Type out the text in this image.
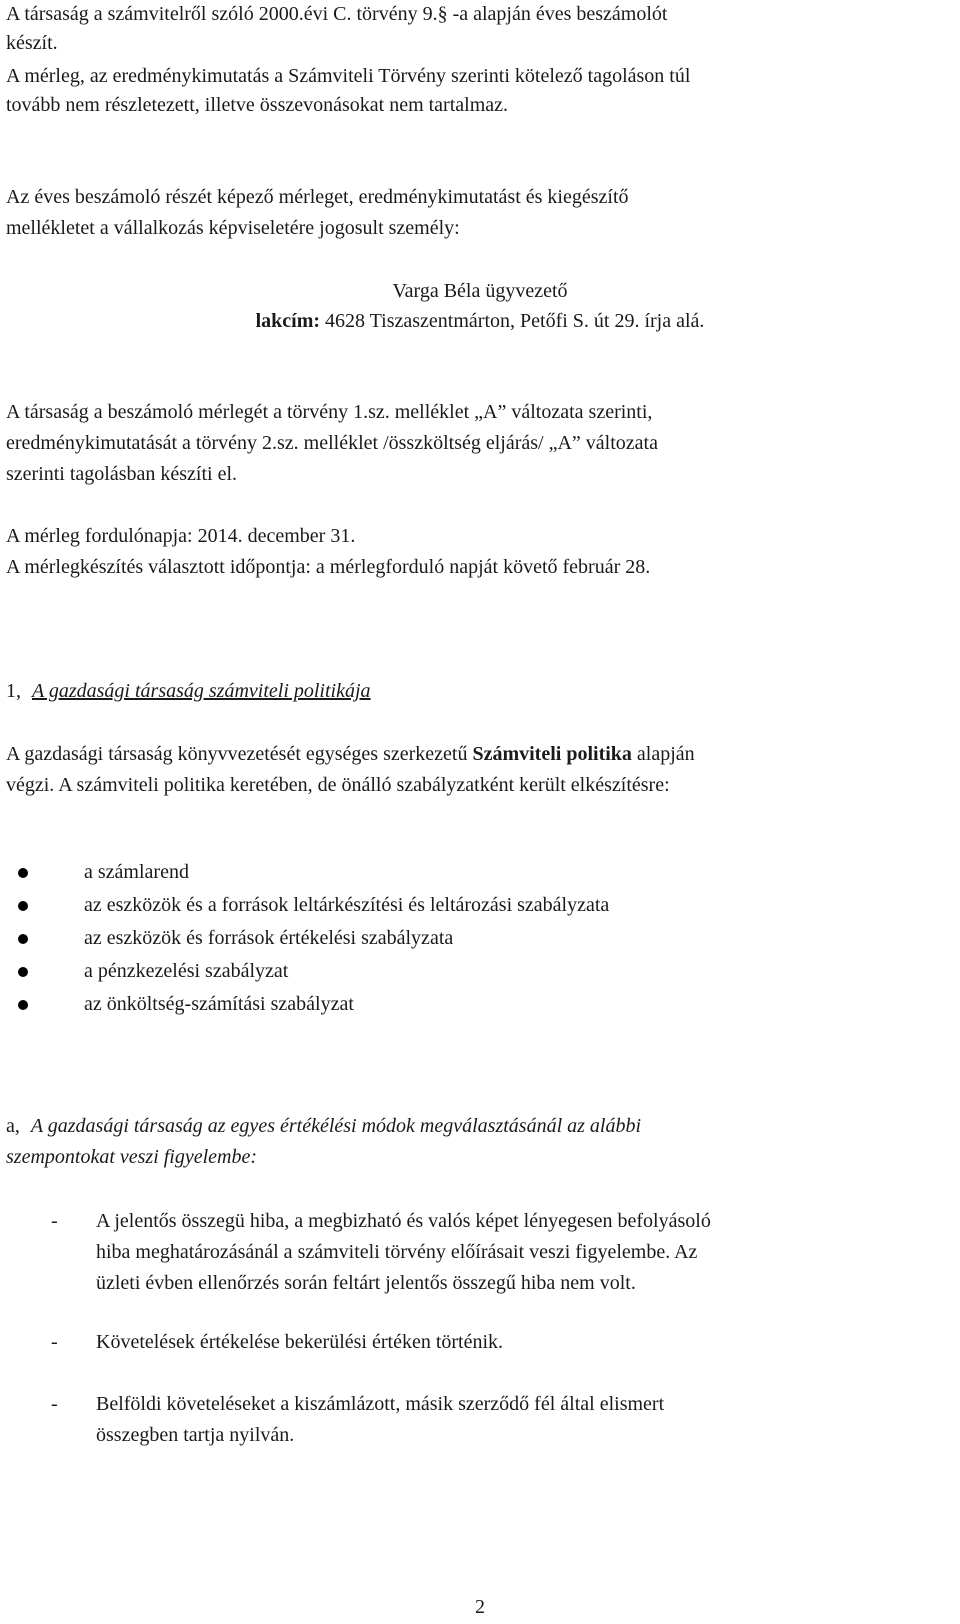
A társaság a számvitelről szóló 2000.évi C. törvény 9.§ -a alapján éves beszámolót

készít.

A mérleg, az eredménykimutatás a Számviteli Törvény szerinti kötelező tagoláson túl

tovább nem részletezett, illetve összevonásokat nem tartalmaz.

Az éves beszámoló részét képező mérleget, eredménykimutatást és kiegészítő

mellékletet a vállalkozás képviseletére jogosult személy:

Varga Béla ügyvezető

lakcím: 4628 Tiszaszentmárton, Petőfi S. út 29. írja alá.

A társaság a beszámoló mérlegét a törvény 1.sz. melléklet „A” változata szerinti,

eredménykimutatását a törvény 2.sz. melléklet /összköltség eljárás/ „A” változata

szerinti tagolásban készíti el.

A mérleg fordulónapja: 2014. december 31.

A mérlegkészítés választott időpontja: a mérlegforduló napját követő február 28.

1, A gazdasági társaság számviteli politikája

A gazdasági társaság könyvvezetését egységes szerkezetű Számviteli politika alapján

végzi. A számviteli politika keretében, de önálló szabályzatként került elkészítésre:

a számlarend
az eszközök és a források leltárkészítési és leltározási szabályzata
az eszközök és források értékelési szabályzata
a pénzkezelési szabályzat
az önköltség-számítási szabályzat

a, A gazdasági társaság az egyes értékélési módok megválasztásánál az alábbi

szempontokat veszi figyelembe:

- A jelentős összegü hiba, a megbizható és valós képet lényegesen befolyásoló
hiba meghatározásánál a számviteli törvény előírásait veszi figyelembe. Az
üzleti évben ellenőrzés során feltárt jelentős összegű hiba nem volt.
- Követelések értékelése bekerülési értéken történik.
- Belföldi követeléseket a kiszámlázott, másik szerződő fél által elismert
összegben tartja nyilván.
2
